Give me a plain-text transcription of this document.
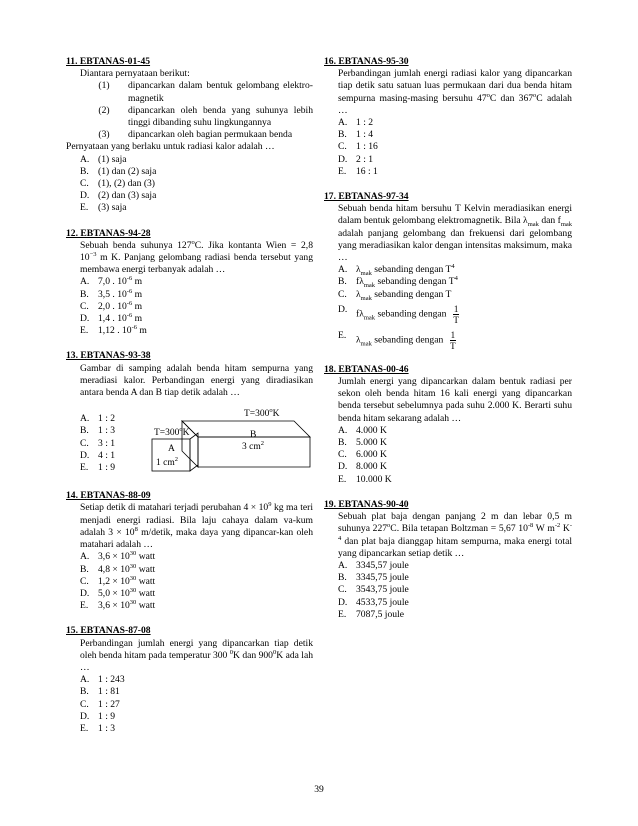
11. EBTANAS-01-45

Diantara pernyataan berikut:

(1)	dipancarkan dalam bentuk gelombang elektro-magnetik
(2)	dipancarkan oleh benda yang suhunya lebih tinggi dibanding suhu lingkungannya
(3)	dipancarkan oleh bagian permukaan benda

Pernyataan yang berlaku untuk radiasi kalor adalah …

A. (1) saja
B. (1) dan (2) saja
C. (1), (2) dan (3)
D. (2) dan (3) saja
E.	(3) saja

12. EBTANAS-94-28

Sebuah benda suhunya 127$^o$C. Jika kontanta Wien = 2,8 $10^{-3}$ m K. Panjang gelombang radiasi benda tersebut yang membawa energi terbanyak adalah …

A. 7,0 . $10^{-6}$ m
B. 3,5 . $10^{-6}$ m
C. 2,0 . $10^{-6}$ m
D. 1,4 . $10^{-6}$ m
E.	1,12 . $10^{-6}$ m

13. EBTANAS-93-38

Gambar di samping adalah benda hitam sempurna yang meradiasi kalor. Perbandingan energi yang diradiasikan antara benda A dan B tiap detik adalah …

A. 1 : 2
B. 1 : 3
C. 3 : 1
D. 4 : 1
E.	1 : 9
$T=300^oK$
$T=300^oK$
A
B
1 $cm^2$
3 $cm^2$

14. EBTANAS-88-09

Setiap detik di matahari terjadi perubahan $4 \times 10^9$ kg ma teri menjadi energi radiasi. Bila laju cahaya dalam va-kum adalah $3 \times 10^8$ m/detik, maka daya yang dipancar-kan oleh matahari adalah …

A. $3,6 \times 10^{30}$ watt
B. $4,8 \times 10^{30}$ watt
C. $1,2 \times 10^{30}$ watt
D. $5,0 \times 10^{30}$ watt
E.	$3,6 \times 10^{30}$ watt

15. EBTANAS-87-08

Perbandingan jumlah energi yang dipancarkan tiap detik oleh benda hitam pada temperatur 300 $^0$K dan $900^0K$ ada lah …

A. 1 : 243
B. 1 : 81
C. 1 : 27
D. 1 : 9
E.	1 : 3

16. EBTANAS-95-30

Perbandingan jumlah energi radiasi kalor yang dipancarkan tiap detik satu satuan luas permukaan dari dua benda hitam sempurna masing-masing bersuhu 47$^o$C dan 367$^o$C adalah …

A. 1 : 2
B. 1 : 4
C. 1 : 16
D. 2 : 1
E.	16 : 1

17. EBTANAS-97-34

Sebuah benda hitam bersuhu T Kelvin meradiasikan energi dalam bentuk gelombang elektromagnetik. Bila $\lambda_{mak}$ dan $f_{mak}$ adalah panjang gelombang dan frekuensi dari gelombang yang meradiasikan kalor dengan intensitas maksimum, maka …

A. $\lambda_{mak}$ sebanding dengan $T^4$
B. $f\lambda_{mak}$ sebanding dengan $T^4$
C. $\lambda_{mak}$ sebanding dengan T
D. $f\lambda_{mak}$ sebanding dengan $\frac{1}{T}$
E.	$\lambda_{mak}$ sebanding dengan $\frac{1}{T}$

18. EBTANAS-00-46

Jumlah energi yang dipancarkan dalam bentuk radiasi per sekon oleh benda hitam 16 kali energi yang dipancarkan benda tersebut sebelumnya pada suhu 2.000 K. Berarti suhu benda hitam sekarang adalah …

A. 4.000 K
B. 5.000 K
C. 6.000 K
D. 8.000 K
E.	10.000 K

19. EBTANAS-90-40

Sebuah plat baja dengan panjang 2 m dan lebar 0,5 m suhunya 227$^o$C. Bila tetapan Boltzman = 5,67 $10^{-8}$ W $m^{-2}$ $K^{-4}$ dan plat baja dianggap hitam sempurna, maka energi total yang dipancarkan setiap detik …

A. 3345,57 joule
B. 3345,75 joule
C. 3543,75 joule
D. 4533,75 joule
E.	7087,5 joule
39
